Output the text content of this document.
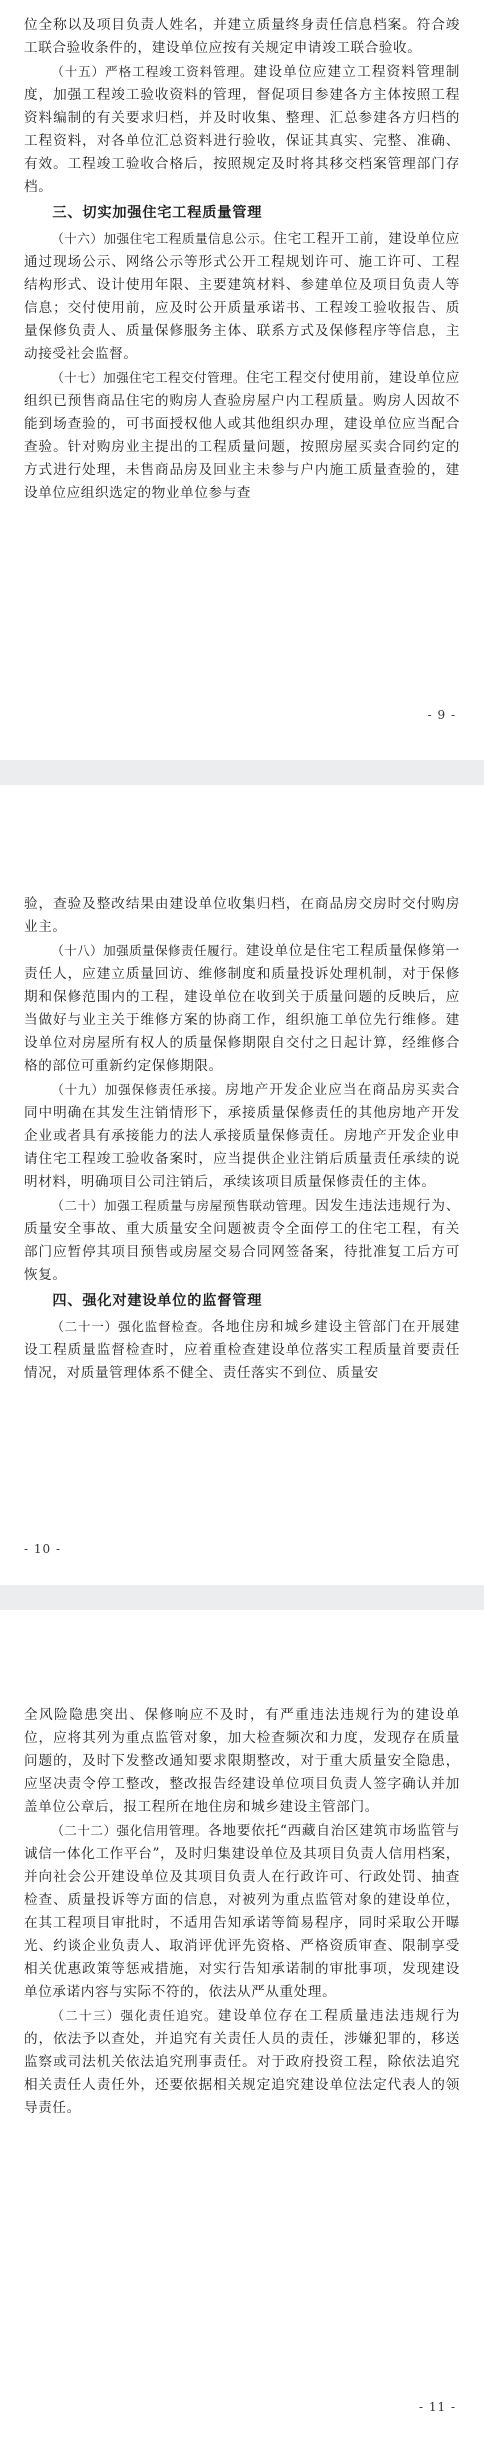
位全称以及项目负责人姓名，并建立质量终身责任信息档案。符合竣工联合验收条件的，建设单位应按有关规定申请竣工联合验收。

（十五）严格工程竣工资料管理。建设单位应建立工程资料管理制度，加强工程竣工验收资料的管理，督促项目参建各方主体按照工程资料编制的有关要求归档，并及时收集、整理、汇总参建各方归档的工程资料，对各单位汇总资料进行验收，保证其真实、完整、准确、有效。工程竣工验收合格后，按照规定及时将其移交档案管理部门存档。

三、切实加强住宅工程质量管理

（十六）加强住宅工程质量信息公示。住宅工程开工前，建设单位应通过现场公示、网络公示等形式公开工程规划许可、施工许可、工程结构形式、设计使用年限、主要建筑材料、参建单位及项目负责人等信息；交付使用前，应及时公开质量承诺书、工程竣工验收报告、质量保修负责人、质量保修服务主体、联系方式及保修程序等信息，主动接受社会监督。

（十七）加强住宅工程交付管理。住宅工程交付使用前，建设单位应组织已预售商品住宅的购房人查验房屋户内工程质量。购房人因故不能到场查验的，可书面授权他人或其他组织办理，建设单位应当配合查验。针对购房业主提出的工程质量问题，按照房屋买卖合同约定的方式进行处理，未售商品房及回业主未参与户内施工质量查验的，建设单位应组织选定的物业单位参与查

- 9 -

验，查验及整改结果由建设单位收集归档，在商品房交房时交付购房业主。

（十八）加强质量保修责任履行。建设单位是住宅工程质量保修第一责任人，应建立质量回访、维修制度和质量投诉处理机制，对于保修期和保修范围内的工程，建设单位在收到关于质量问题的反映后，应当做好与业主关于维修方案的协商工作，组织施工单位先行维修。建设单位对房屋所有权人的质量保修期限自交付之日起计算，经维修合格的部位可重新约定保修期限。

（十九）加强保修责任承接。房地产开发企业应当在商品房买卖合同中明确在其发生注销情形下，承接质量保修责任的其他房地产开发企业或者具有承接能力的法人承接质量保修责任。房地产开发企业申请住宅工程竣工验收备案时，应当提供企业注销后质量责任承续的说明材料，明确项目公司注销后，承续该项目质量保修责任的主体。

（二十）加强工程质量与房屋预售联动管理。因发生违法违规行为、质量安全事故、重大质量安全问题被责令全面停工的住宅工程，有关部门应暂停其项目预售或房屋交易合同网签备案，待批准复工后方可恢复。

四、强化对建设单位的监督管理

（二十一）强化监督检查。各地住房和城乡建设主管部门在开展建设工程质量监督检查时，应着重检查建设单位落实工程质量首要责任情况，对质量管理体系不健全、责任落实不到位、质量安

- 10 -

全风险隐患突出、保修响应不及时，有严重违法违规行为的建设单位，应将其列为重点监管对象，加大检查频次和力度，发现存在质量问题的，及时下发整改通知要求限期整改，对于重大质量安全隐患，应坚决责令停工整改，整改报告经建设单位项目负责人签字确认并加盖单位公章后，报工程所在地住房和城乡建设主管部门。

（二十二）强化信用管理。各地要依托“西藏自治区建筑市场监管与诚信一体化工作平台”，及时归集建设单位及其项目负责人信用档案，并向社会公开建设单位及其项目负责人在行政许可、行政处罚、抽查检查、质量投诉等方面的信息，对被列为重点监管对象的建设单位，在其工程项目审批时，不适用告知承诺等简易程序，同时采取公开曝光、约谈企业负责人、取消评优评先资格、严格资质审查、限制享受相关优惠政策等惩戒措施，对实行告知承诺制的审批事项，发现建设单位承诺内容与实际不符的，依法从严从重处理。

（二十三）强化责任追究。建设单位存在工程质量违法违规行为的，依法予以查处，并追究有关责任人员的责任，涉嫌犯罪的，移送监察或司法机关依法追究刑事责任。对于政府投资工程，除依法追究相关责任人责任外，还要依据相关规定追究建设单位法定代表人的领导责任。

- 11 -
